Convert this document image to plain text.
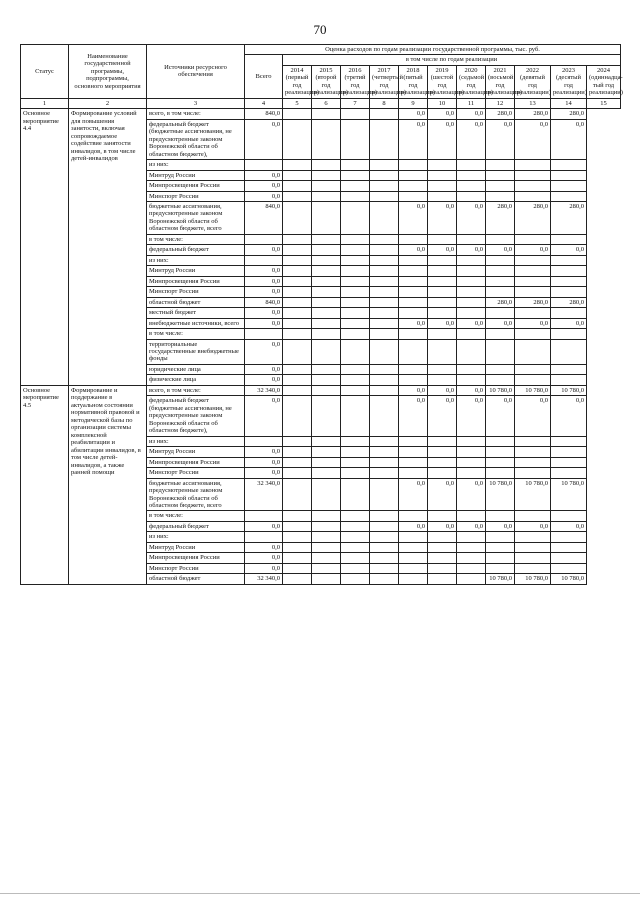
70
Статус	Наименование государственной программы, подпрограммы, основного мероприятия	Источники ресурсного обеспечения	Оценка расходов по годам реализации государственной программы, тыс. руб.											
			Всего	в том числе по годам реализации										
				2014 (первый год реализации)	2015 (второй год реализации)	2016 (третий год реализации)	2017 (четвертый год реализации)	2018 (пятый год реализации)	2019 (шестой год реализации)	2020 (седьмой год реализации)	2021 (восьмой год реализации)	2022 (девятый год реализации)	2023 (десятый год реализации)	2024 (одиннадца-тый год реализации)
1	2	3	4	5	6	7	8	9	10	11	12	13	14	15
Основное мероприятие 4.4	Формирование условий для повышения занятости, включая сопровождаемое содействие занятости инвалидов, в том числе детей-инвалидов	всего, в том числе:	840,0					0,0	0,0	0,0	280,0	280,0	280,0	
		федеральный бюджет (бюджетные ассигнования, не предусмотренные законом Воронежской области об областном бюджете),	0,0					0,0	0,0	0,0	0,0	0,0	0,0	
		из них:												
		Минтруд России	0,0											
		Минпросвещения России	0,0											
		Минспорт России	0,0											
		бюджетные ассигнования, предусмотренные законом Воронежской области об областном бюджете, всего	840,0					0,0	0,0	0,0	280,0	280,0	280,0	
		в том числе:												
		федеральный бюджет	0,0					0,0	0,0	0,0	0,0	0,0	0,0	
		из них:												
		Минтруд России	0,0											
		Минпросвещения России	0,0											
		Минспорт России	0,0											
		областной бюджет	840,0								280,0	280,0	280,0	
		местный бюджет	0,0											
		внебюджетные источники, всего	0,0					0,0	0,0	0,0	0,0	0,0	0,0	
		в том числе:												
		территориальные государственные внебюджетные фонды	0,0											
		юридические лица	0,0											
		физические лица	0,0											
Основное мероприятие 4.5	Формирование и поддержание в актуальном состоянии нормативной правовой и методической базы по организации системы комплексной реабилитации и абилитации инвалидов, в том числе детей-инвалидов, а также ранней помощи	всего, в том числе:	32 340,0					0,0	0,0	0,0	10 780,0	10 780,0	10 780,0	
		федеральный бюджет (бюджетные ассигнования, не предусмотренные законом Воронежской области об областном бюджете),	0,0					0,0	0,0	0,0	0,0	0,0	0,0	
		из них:												
		Минтруд России	0,0											
		Минпросвещения России	0,0											
		Минспорт России	0,0											
		бюджетные ассигнования, предусмотренные законом Воронежской области об областном бюджете, всего	32 340,0					0,0	0,0	0,0	10 780,0	10 780,0	10 780,0	
		в том числе:												
		федеральный бюджет	0,0					0,0	0,0	0,0	0,0	0,0	0,0	
		из них:												
		Минтруд России	0,0											
		Минпросвещения России	0,0											
		Минспорт России	0,0											
		областной бюджет	32 340,0								10 780,0	10 780,0	10 780,0	
